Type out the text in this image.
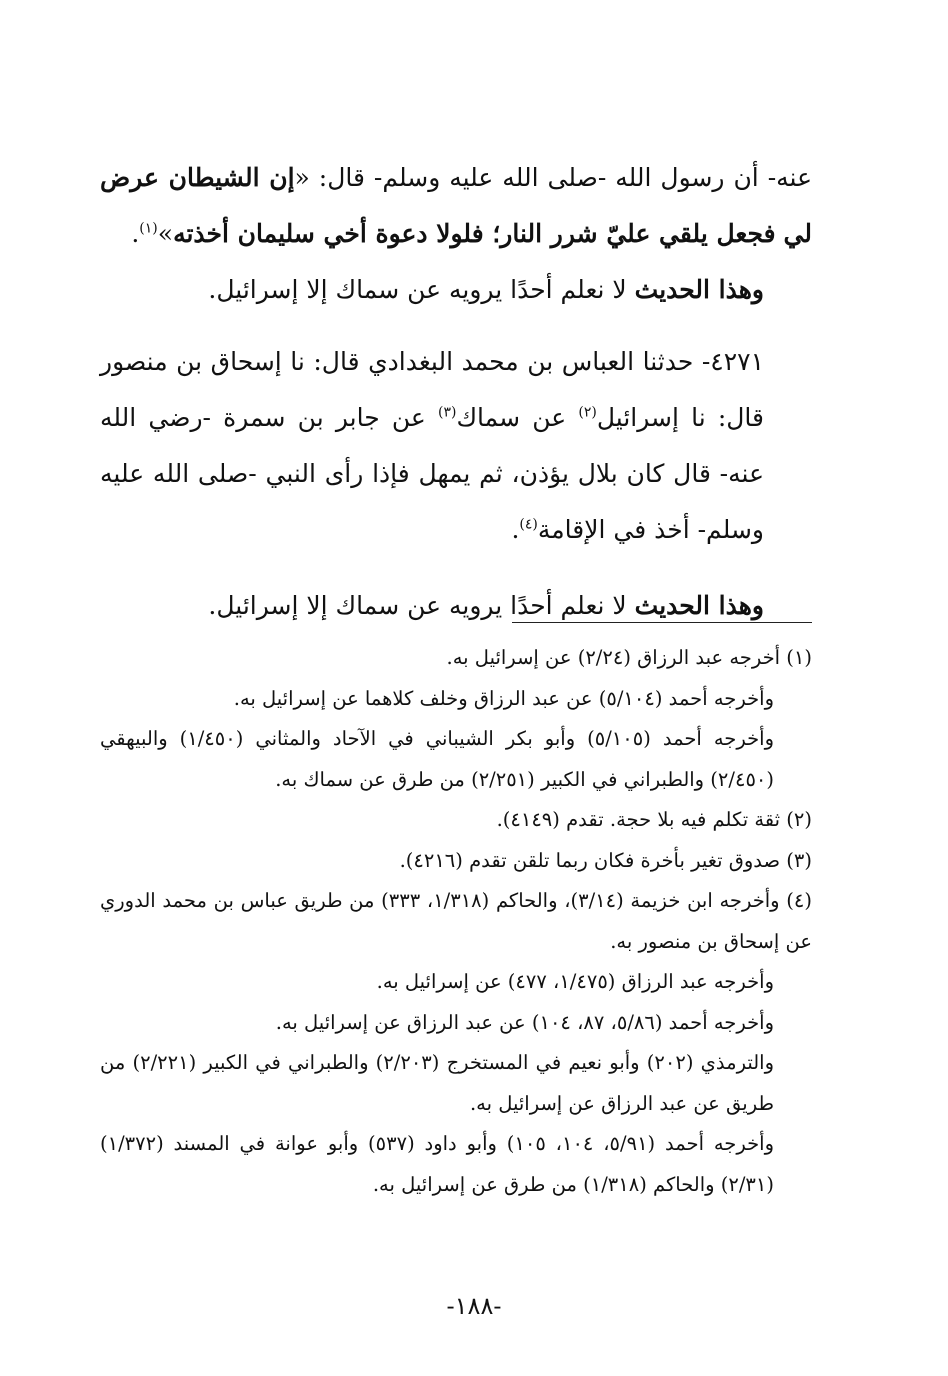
عنه- أن رسول الله -صلى الله عليه وسلم- قال: «إن الشيطان عرض لي فجعل يلقي عليّ شرر النار؛ فلولا دعوة أخي سليمان أخذته»$^{(١)}$.

وهذا الحديث لا نعلم أحدًا يرويه عن سماك إلا إسرائيل.

٤٢٧١- حدثنا العباس بن محمد البغدادي قال: نا إسحاق بن منصور قال: نا إسرائيل$^{(٢)}$ عن سماك$^{(٣)}$ عن جابر بن سمرة -رضي الله عنه- قال كان بلال يؤذن، ثم يمهل فإذا رأى النبي -صلى الله عليه وسلم- أخذ في الإقامة$^{(٤)}$.

وهذا الحديث لا نعلم أحدًا يرويه عن سماك إلا إسرائيل.

(١) أخرجه عبد الرزاق (٢/٢٤) عن إسرائيل به.

وأخرجه أحمد (٥/١٠٤) عن عبد الرزاق وخلف كلاهما عن إسرائيل به.

وأخرجه أحمد (٥/١٠٥) وأبو بكر الشيباني في الآحاد والمثاني (١/٤٥٠) والبيهقي (٢/٤٥٠) والطبراني في الكبير (٢/٢٥١) من طرق عن سماك به.

(٢) ثقة تكلم فيه بلا حجة. تقدم (٤١٤٩).

(٣) صدوق تغير بأخرة فكان ربما تلقن تقدم (٤٢١٦).

(٤) وأخرجه ابن خزيمة (٣/١٤)، والحاكم (١/٣١٨، ٣٣٣) من طريق عباس بن محمد الدوري عن إسحاق بن منصور به.

وأخرجه عبد الرزاق (١/٤٧٥، ٤٧٧) عن إسرائيل به.

وأخرجه أحمد (٥/٨٦، ٨٧، ١٠٤) عن عبد الرزاق عن إسرائيل به.

والترمذي (٢٠٢) وأبو نعيم في المستخرج (٢/٢٠٣) والطبراني في الكبير (٢/٢٢١) من طريق عن عبد الرزاق عن إسرائيل به.

وأخرجه أحمد (٥/٩١، ١٠٤، ١٠٥) وأبو داود (٥٣٧) وأبو عوانة في المسند (١/٣٧٢) (٢/٣١) والحاكم (١/٣١٨) من طرق عن إسرائيل به.

-١٨٨-
